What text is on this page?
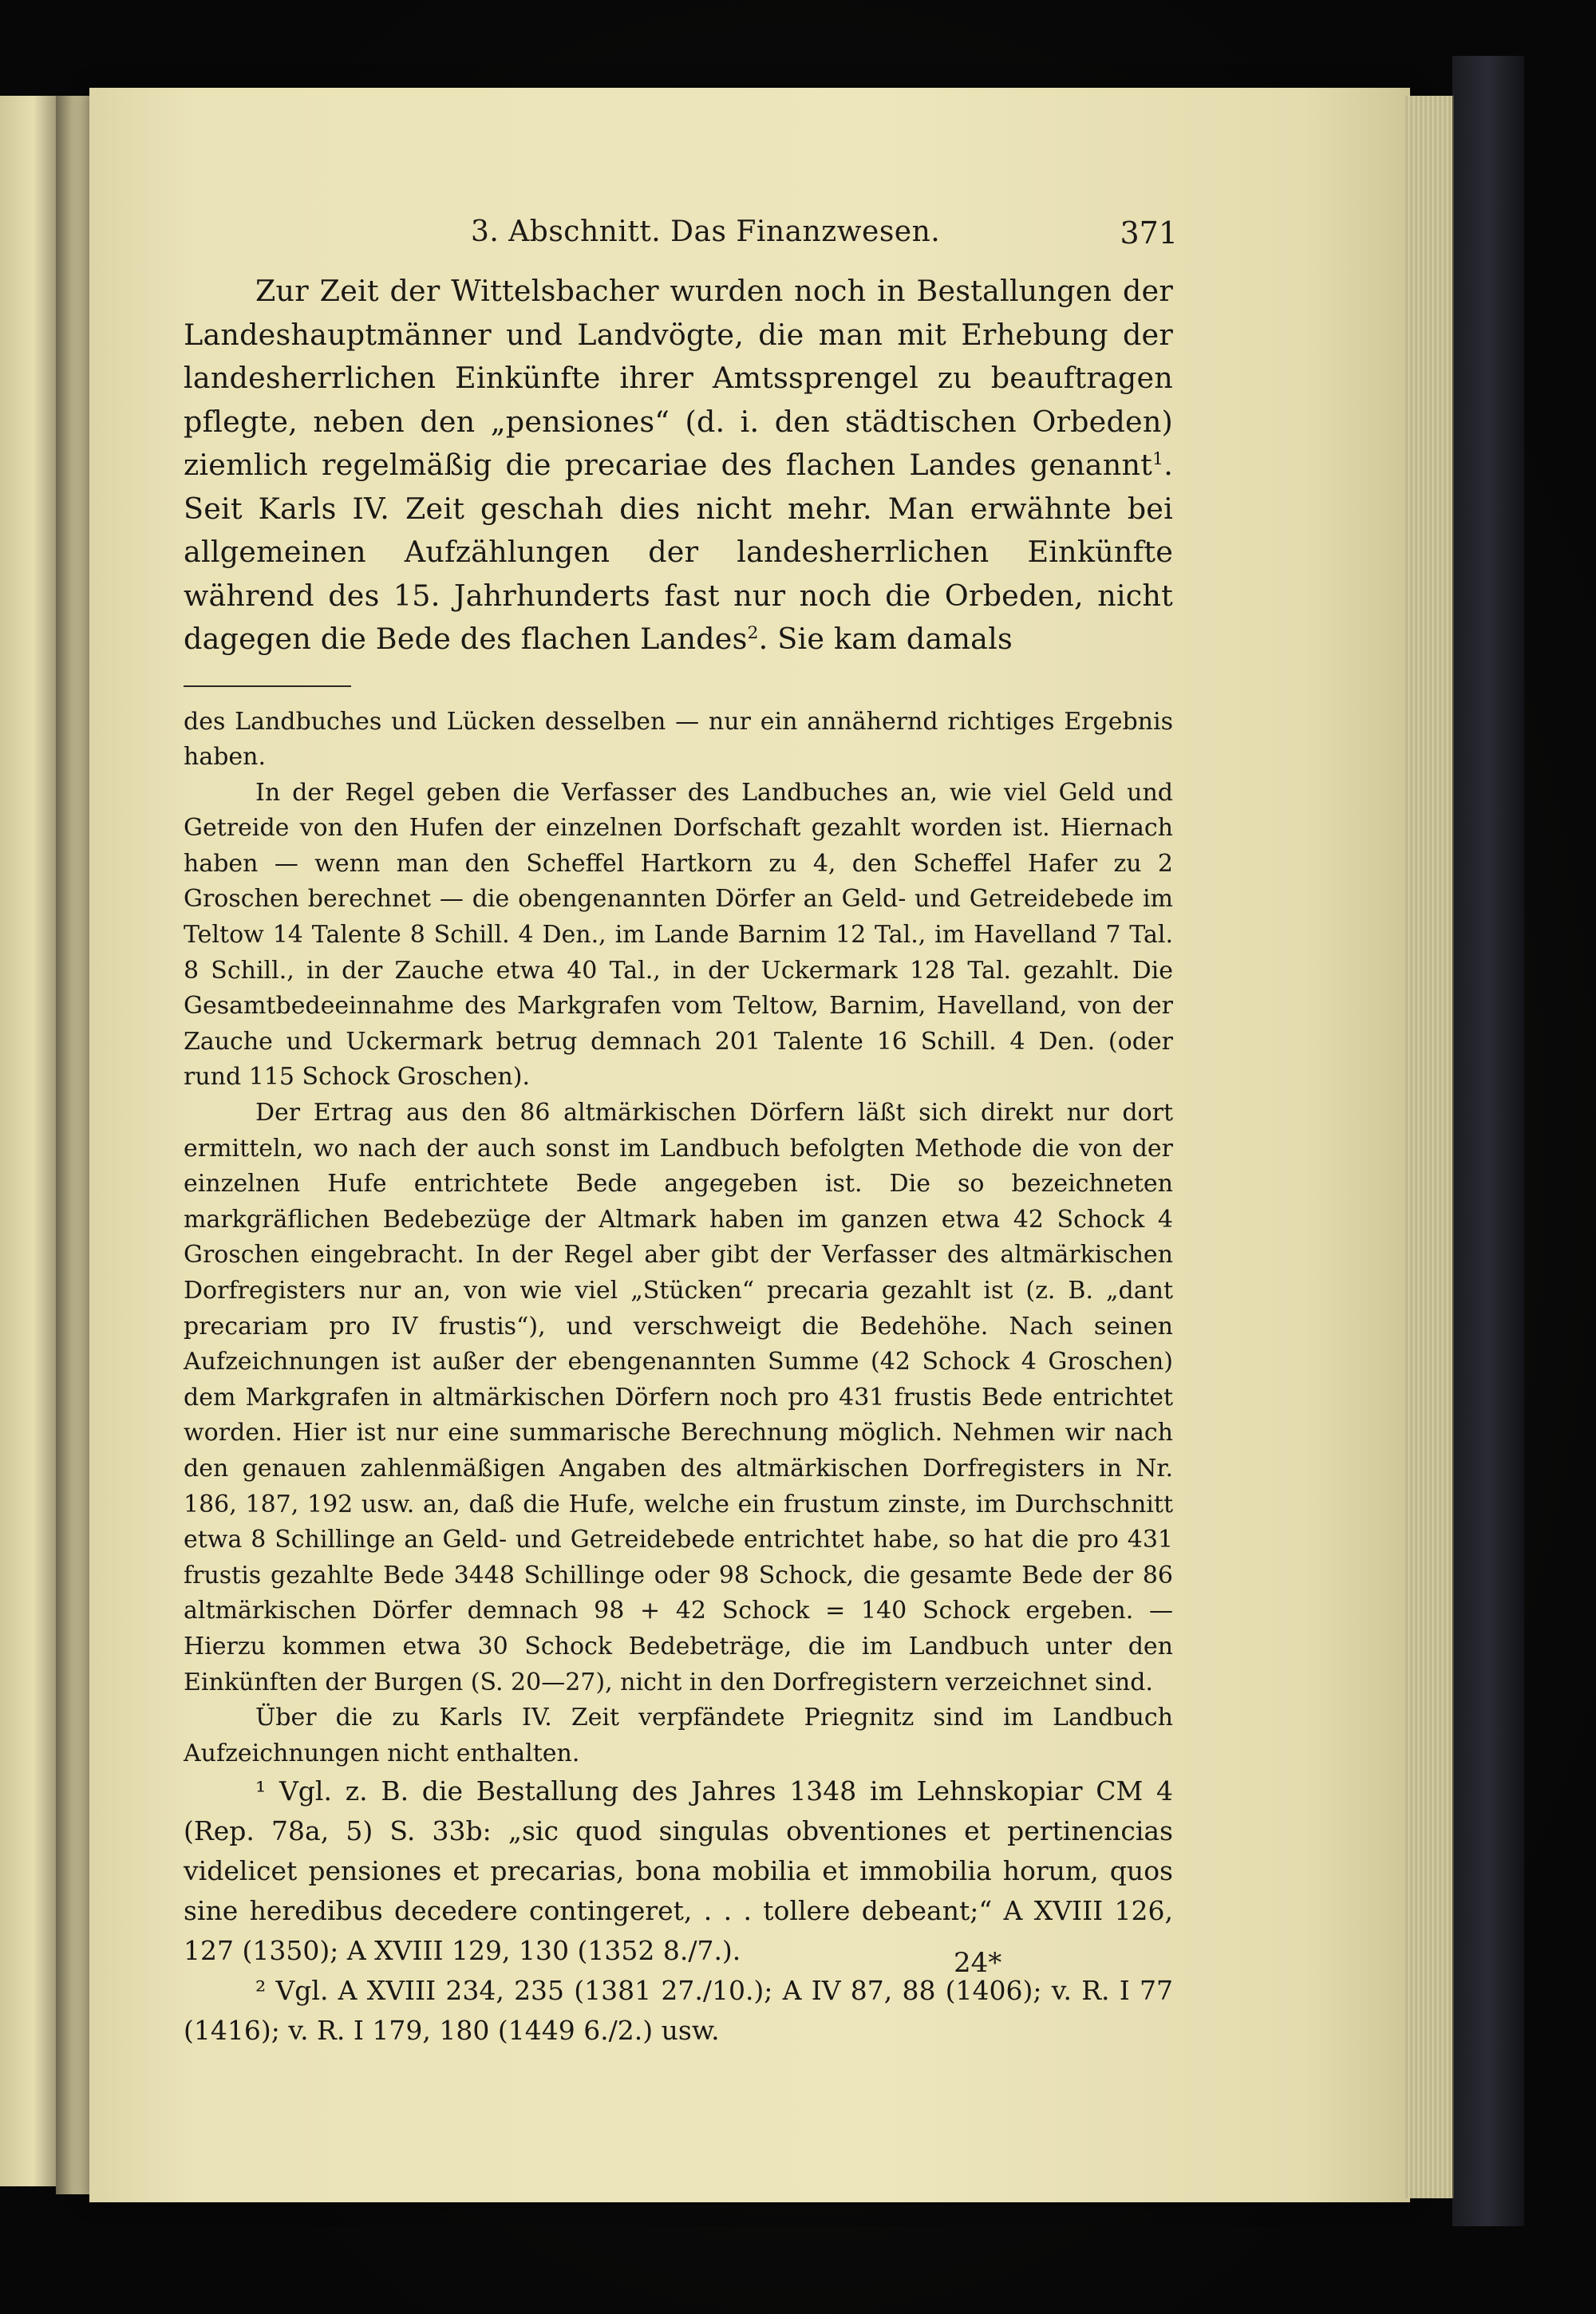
3. Abschnitt. Das Finanzwesen.	371

Zur Zeit der Wittelsbacher wurden noch in Bestallungen der Landeshauptmänner und Landvögte, die man mit Erhebung der landesherrlichen Einkünfte ihrer Amtssprengel zu beauftragen pflegte, neben den „pensiones“ (d. i. den städtischen Orbeden) ziemlich regelmäßig die precariae des flachen Landes genannt$^1$. Seit Karls IV. Zeit geschah dies nicht mehr. Man erwähnte bei allgemeinen Aufzählungen der landesherrlichen Einkünfte während des 15. Jahrhunderts fast nur noch die Orbeden, nicht dagegen die Bede des flachen Landes$^2$. Sie kam damals

des Landbuches und Lücken desselben — nur ein annähernd richtiges Ergebnis haben.

In der Regel geben die Verfasser des Landbuches an, wie viel Geld und Getreide von den Hufen der einzelnen Dorfschaft gezahlt worden ist. Hiernach haben — wenn man den Scheffel Hartkorn zu 4, den Scheffel Hafer zu 2 Groschen berechnet — die obengenannten Dörfer an Geld- und Getreidebede im Teltow 14 Talente 8 Schill. 4 Den., im Lande Barnim 12 Tal., im Havelland 7 Tal. 8 Schill., in der Zauche etwa 40 Tal., in der Uckermark 128 Tal. gezahlt. Die Gesamtbedeeinnahme des Markgrafen vom Teltow, Barnim, Havelland, von der Zauche und Uckermark betrug demnach 201 Talente 16 Schill. 4 Den. (oder rund 115 Schock Groschen).

Der Ertrag aus den 86 altmärkischen Dörfern läßt sich direkt nur dort ermitteln, wo nach der auch sonst im Landbuch befolgten Methode die von der einzelnen Hufe entrichtete Bede angegeben ist. Die so bezeichneten markgräflichen Bedebezüge der Altmark haben im ganzen etwa 42 Schock 4 Groschen eingebracht. In der Regel aber gibt der Verfasser des altmärkischen Dorfregisters nur an, von wie viel „Stücken“ precaria gezahlt ist (z. B. „dant precariam pro IV frustis“), und verschweigt die Bedehöhe. Nach seinen Aufzeichnungen ist außer der ebengenannten Summe (42 Schock 4 Groschen) dem Markgrafen in altmärkischen Dörfern noch pro 431 frustis Bede entrichtet worden. Hier ist nur eine summarische Berechnung möglich. Nehmen wir nach den genauen zahlenmäßigen Angaben des altmärkischen Dorfregisters in Nr. 186, 187, 192 usw. an, daß die Hufe, welche ein frustum zinste, im Durchschnitt etwa 8 Schillinge an Geld- und Getreidebede entrichtet habe, so hat die pro 431 frustis gezahlte Bede 3448 Schillinge oder 98 Schock, die gesamte Bede der 86 altmärkischen Dörfer demnach 98 + 42 Schock = 140 Schock ergeben. — Hierzu kommen etwa 30 Schock Bedebeträge, die im Landbuch unter den Einkünften der Burgen (S. 20—27), nicht in den Dorfregistern verzeichnet sind.

Über die zu Karls IV. Zeit verpfändete Priegnitz sind im Landbuch Aufzeichnungen nicht enthalten.

¹ Vgl. z. B. die Bestallung des Jahres 1348 im Lehnskopiar CM 4 (Rep. 78a, 5) S. 33b: „sic quod singulas obventiones et pertinencias videlicet pensiones et precarias, bona mobilia et immobilia horum, quos sine heredibus decedere contingeret, . . . tollere debeant;“ A XVIII 126, 127 (1350); A XVIII 129, 130 (1352 8./7.).

² Vgl. A XVIII 234, 235 (1381 27./10.); A IV 87, 88 (1406); v. R. I 77 (1416); v. R. I 179, 180 (1449 6./2.) usw.

24*
